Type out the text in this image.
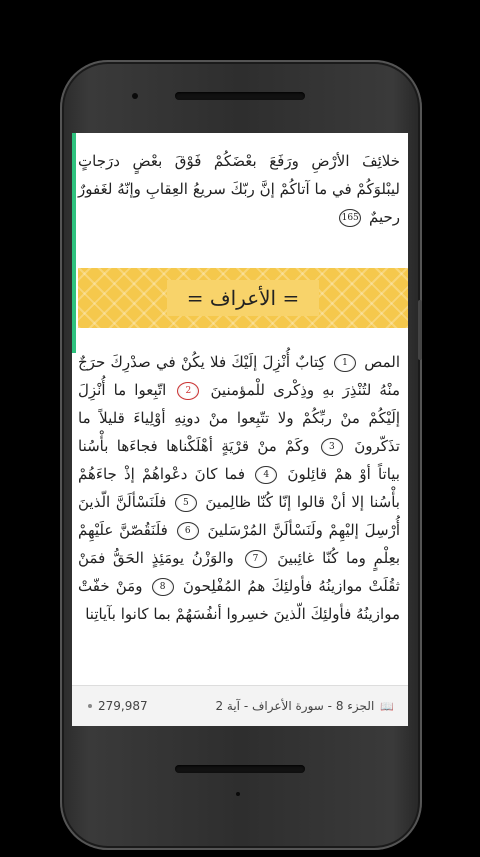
خلائِفَ الأرْضِ ورَفَعَ بعْضَكُمْ فَوْقَ بعْضٍ درَجاتٍ ليبْلوَكُمْ في ما آتاكُمْ إنَّ ربّكَ سريعُ العِقابِ وإنّهُ لغَفورٌ رحيمٌ 165
= الأعراف =
المص 1 كِتابٌ أُنْزِلَ إلَيْكَ فلا يكُنْ في صدْرِكَ حرَجٌ منْهُ لتُنْذِرَ بهِ وذِكْرى للْمؤمنينَ 2 اتّبِعوا ما أُنْزِلَ إلَيْكُمْ منْ ربِّكُمْ ولا تتّبِعوا منْ دونِهِ أوْلِياءَ قليلاً ما تذَكّرونَ 3 وكَمْ منْ قرْيَةٍ أهْلَكْناها فجاءَها بأْسُنا بياتاً أوْ همْ قائِلونَ 4 فما كانَ دعْواهُمْ إذْ جاءَهُمْ بأْسُنا إلا أنْ قالوا إنّا كُنّا ظالِمينَ 5 فلَنَسْألَنَّ الّذينَ أُرْسِلَ إليْهِمْ ولَنَسْألَنَّ المُرْسَلينَ 6 فلَنَقُصّنَّ علَيْهِمْ بعِلْمٍ وما كُنّا غائِبينَ 7 والوَزْنُ يومَئِذٍ الحَقُّ فمَنْ ثقُلَتْ موازينُهُ فأولئِكَ همُ المُفْلِحونَ 8 ومَنْ خفّتْ موازينُهُ فأولئِكَ الّذينَ خسِروا أنفُسَهُمْ بما كانوا بآياتِنا
279,987	📖
الجزء 8 - سورة الأعراف - آية 2
